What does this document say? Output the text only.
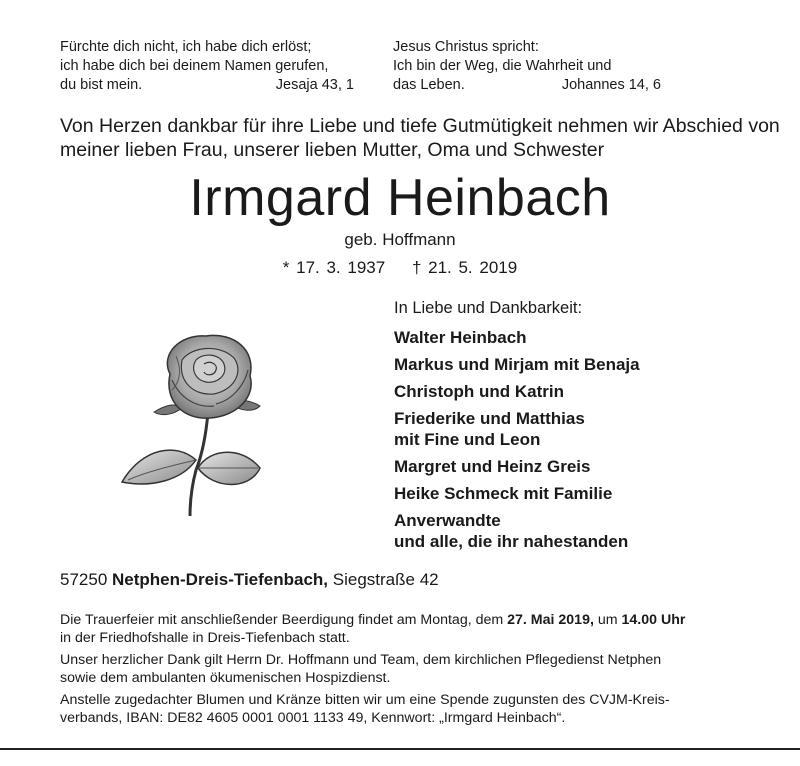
Fürchte dich nicht, ich habe dich erlöst;
ich habe dich bei deinem Namen gerufen,
du bist mein.	Jesaja 43, 1
Jesus Christus spricht:
Ich bin der Weg, die Wahrheit und
das Leben.	Johannes 14, 6
Von Herzen dankbar für ihre Liebe und tiefe Gutmütigkeit nehmen wir Abschied von
meiner lieben Frau, unserer lieben Mutter, Oma und Schwester
Irmgard Heinbach
geb. Hoffmann
* 17. 3. 1937 † 21. 5. 2019
In Liebe und Dankbarkeit:
Walter Heinbach
Markus und Mirjam mit Benaja
Christoph und Katrin
Friederike und Matthias
mit Fine und Leon
Margret und Heinz Greis
Heike Schmeck mit Familie
Anverwandte
und alle, die ihr nahestanden
57250 Netphen-Dreis-Tiefenbach, Siegstraße 42
Die Trauerfeier mit anschließender Beerdigung findet am Montag, dem 27. Mai 2019, um 14.00 Uhr
in der Friedhofshalle in Dreis-Tiefenbach statt.
Unser herzlicher Dank gilt Herrn Dr. Hoffmann und Team, dem kirchlichen Pflegedienst Netphen
sowie dem ambulanten ökumenischen Hospizdienst.
Anstelle zugedachter Blumen und Kränze bitten wir um eine Spende zugunsten des CVJM-Kreis-
verbands, IBAN: DE82 4605 0001 0001 1133 49, Kennwort: „Irmgard Heinbach“.
